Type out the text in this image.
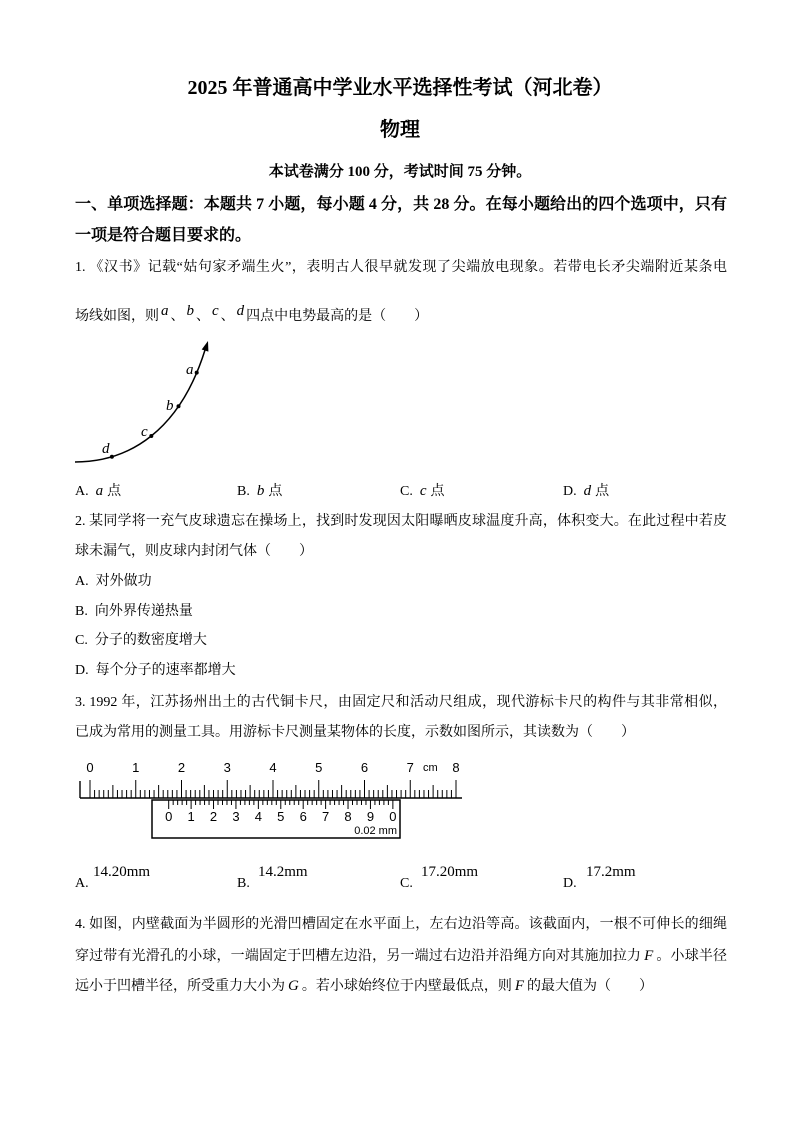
2025 年普通高中学业水平选择性考试（河北卷）
物理
本试卷满分 100 分，考试时间 75 分钟。
一、单项选择题：本题共 7 小题，每小题 4 分，共 28 分。在每小题给出的四个选项中，只有
一项是符合题目要求的。
1. 《汉书》记载“姑句家矛端生火”，表明古人很早就发现了尖端放电现象。若带电长矛尖端附近某条电
场线如图，则 a 、 b 、 c 、 d 四点中电势最高的是（　　）
a
b
c
d
A. a 点	B. b 点	C. c 点	D. d 点
2. 某同学将一充气皮球遗忘在操场上，找到时发现因太阳曝晒皮球温度升高，体积变大。在此过程中若皮
球未漏气，则皮球内封闭气体（　　）
A. 对外做功
B. 向外界传递热量
C. 分子的数密度增大
D. 每个分子的速率都增大
3. 1992 年，江苏扬州出土的古代铜卡尺，由固定尺和活动尺组成，现代游标卡尺的构件与其非常相似，
已成为常用的测量工具。用游标卡尺测量某物体的长度，示数如图所示，其读数为（　　）
cm
0.02 mm
0	1	2	3	4	5	6	7	8
0 1 2 3 4 5 6 7 8 9 0
A.
14.20mm
B.
14.2mm
C.
17.20mm
D.
17.2mm
4. 如图，内壁截面为半圆形的光滑凹槽固定在水平面上，左右边沿等高。该截面内，一根不可伸长的细绳
穿过带有光滑孔的小球，一端固定于凹槽左边沿，另一端过右边沿并沿绳方向对其施加拉力 F 。小球半径
远小于凹槽半径，所受重力大小为 G 。若小球始终位于内壁最低点，则 F 的最大值为（　　）
